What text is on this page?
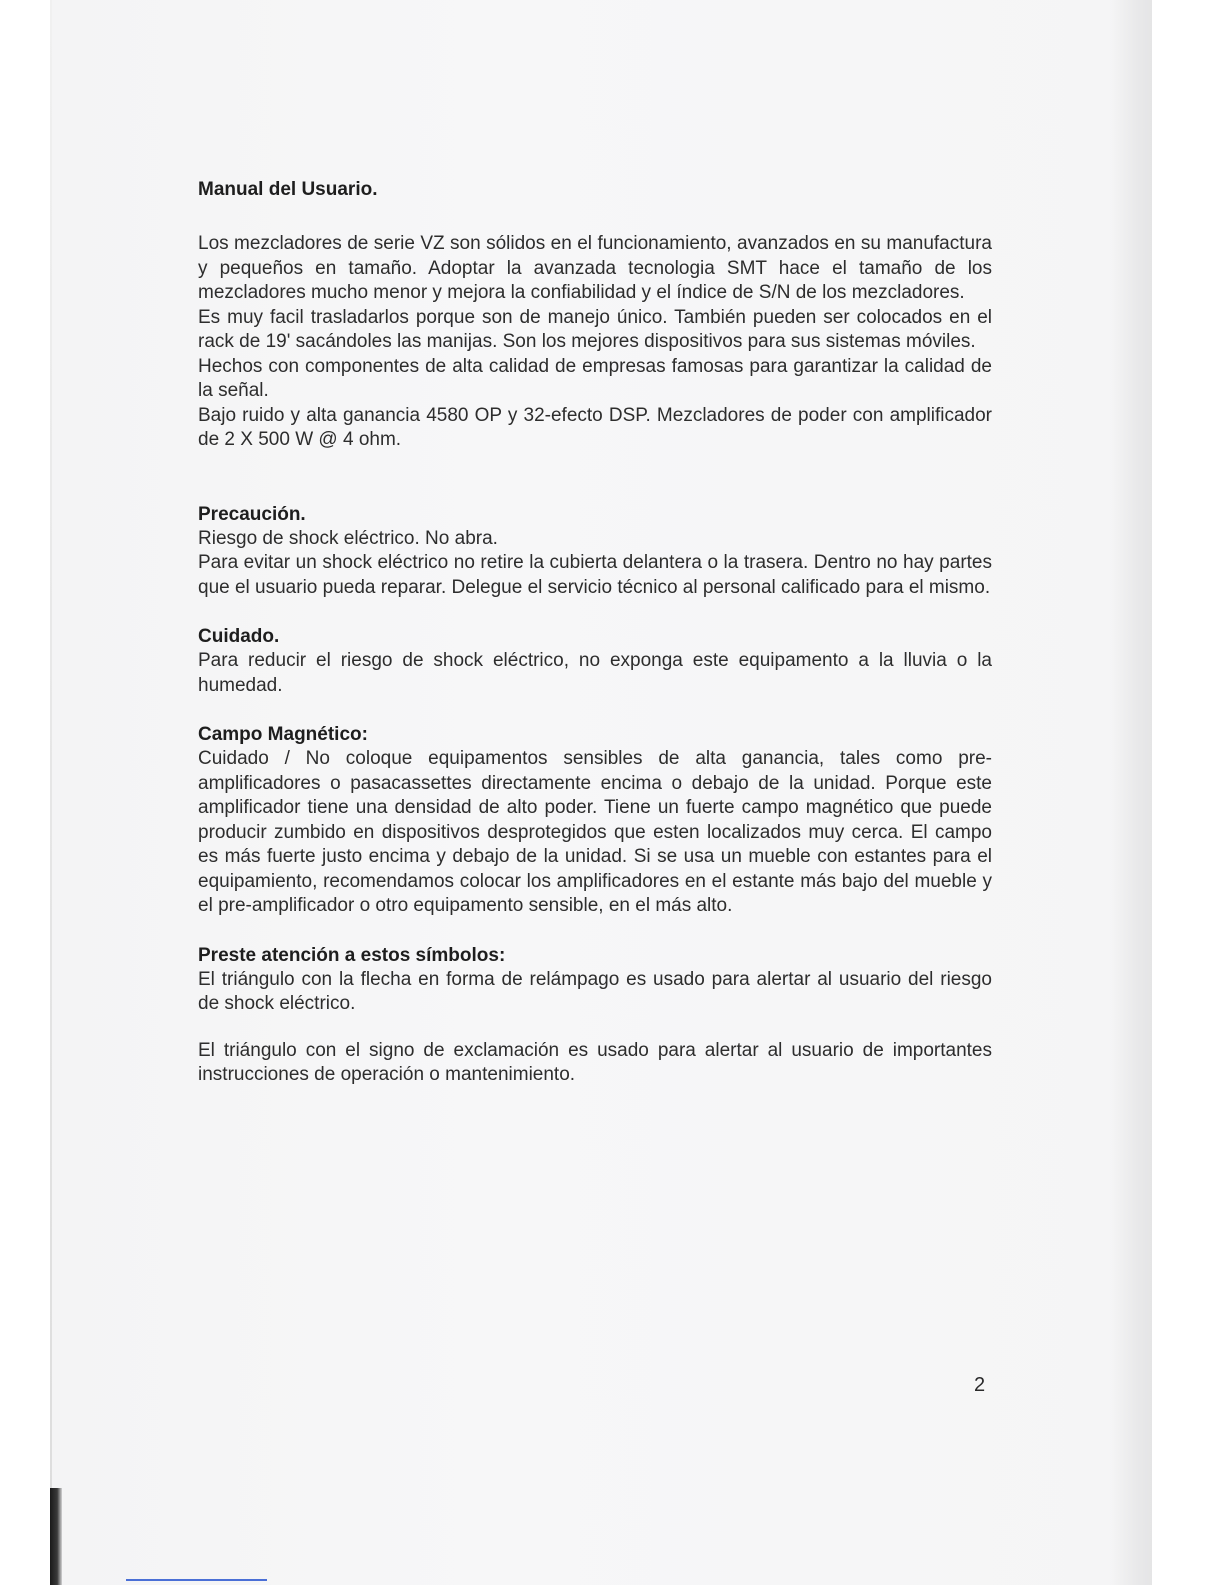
Manual del Usuario.

Los mezcladores de serie VZ son sólidos en el funcionamiento, avanzados en su manufactura y pequeños en tamaño. Adoptar la avanzada tecnologia SMT hace el tamaño de los mezcladores mucho menor y mejora la confiabilidad y el índice de S/N de los mezcladores.

Es muy facil trasladarlos porque son de manejo único. También pueden ser colocados en el rack de 19' sacándoles las manijas. Son los mejores dispositivos para sus sistemas móviles.

Hechos con componentes de alta calidad de empresas famosas para garantizar la calidad de la señal.

Bajo ruido y alta ganancia 4580 OP y 32-efecto DSP. Mezcladores de poder con amplificador de 2 X 500 W @ 4 ohm.

Precaución.

Riesgo de shock eléctrico. No abra.

Para evitar un shock eléctrico no retire la cubierta delantera o la trasera. Dentro no hay partes que el usuario pueda reparar. Delegue el servicio técnico al personal calificado para el mismo.

Cuidado.

Para reducir el riesgo de shock eléctrico, no exponga este equipamento a la lluvia o la humedad.

Campo Magnético:

Cuidado / No coloque equipamentos sensibles de alta ganancia, tales como pre-amplificadores o pasacassettes directamente encima o debajo de la unidad. Porque este amplificador tiene una densidad de alto poder. Tiene un fuerte campo magnético que puede producir zumbido en dispositivos desprotegidos que esten localizados muy cerca. El campo es más fuerte justo encima y debajo de la unidad. Si se usa un mueble con estantes para el equipamiento, recomendamos colocar los amplificadores en el estante más bajo del mueble y el pre-amplificador o otro equipamento sensible, en el más alto.

Preste atención a estos símbolos:

El triángulo con la flecha en forma de relámpago es usado para alertar al usuario del riesgo de shock eléctrico.

El triángulo con el signo de exclamación es usado para alertar al usuario de importantes instrucciones de operación o mantenimiento.

2
